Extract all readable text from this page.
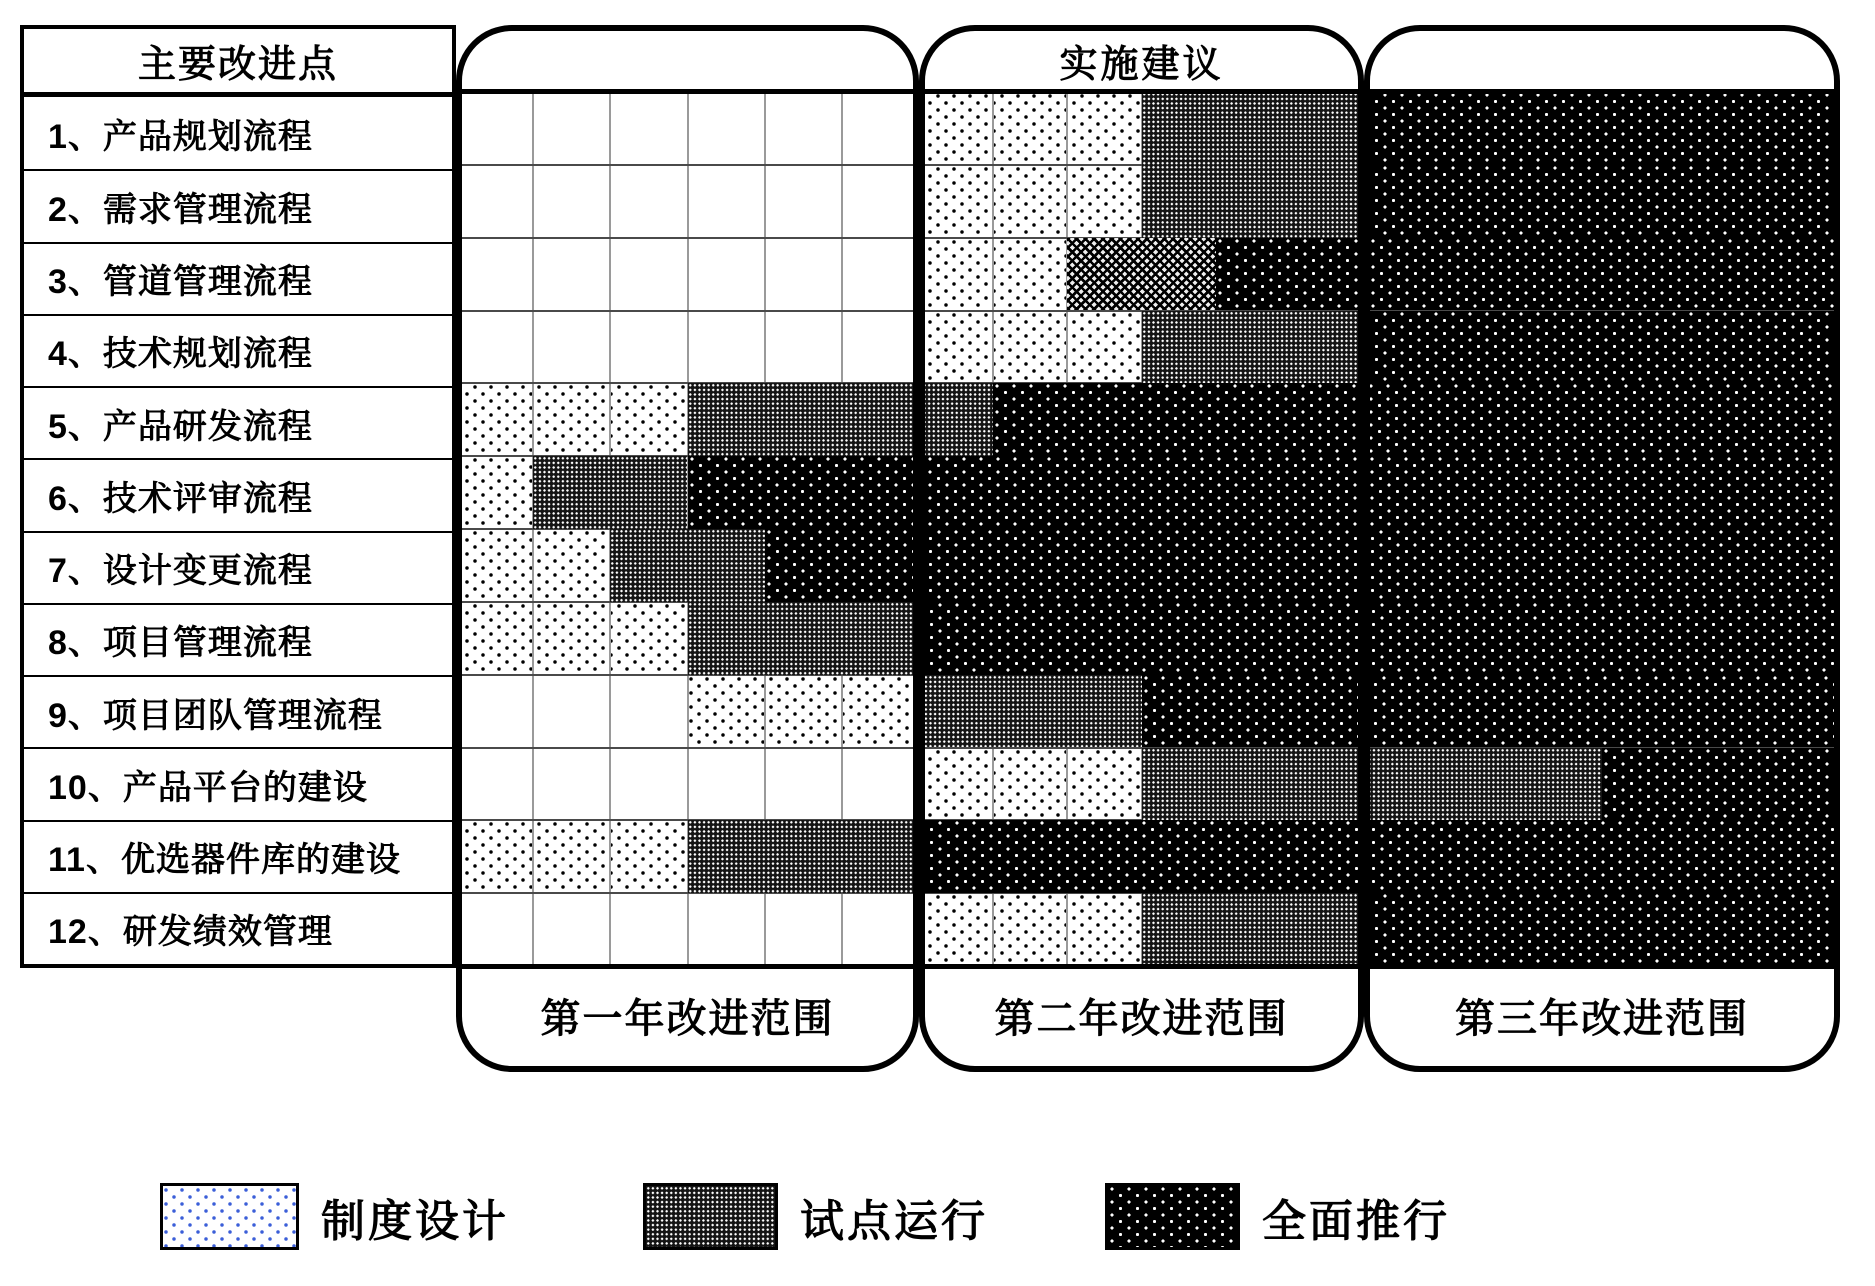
主要改进点
1、产品规划流程
2、需求管理流程
3、管道管理流程
4、技术规划流程
5、产品研发流程
6、技术评审流程
7、设计变更流程
8、项目管理流程
9、项目团队管理流程
10、产品平台的建设
11、优选器件库的建设
12、研发绩效管理
实施建议
第一年改进范围	第二年改进范围	第三年改进范围
制度设计	试点运行	全面推行
